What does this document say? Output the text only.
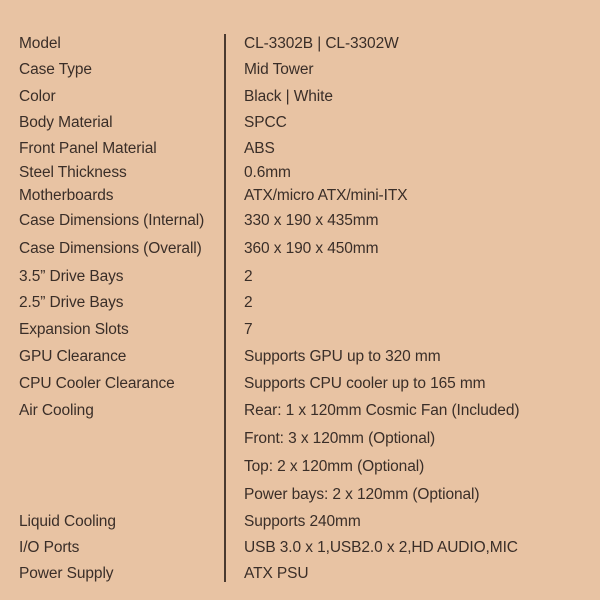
Model	CL-3302B | CL-3302W
Case Type	Mid Tower
Color	Black | White
Body Material	SPCC
Front Panel Material	ABS
Steel Thickness	0.6mm
Motherboards	ATX/micro ATX/mini-ITX
Case Dimensions (Internal)	330 x 190 x 435mm
Case Dimensions (Overall)	360 x 190 x 450mm
3.5” Drive Bays	2
2.5” Drive Bays	2
Expansion Slots	7
GPU Clearance	Supports GPU up to 320 mm
CPU Cooler Clearance	Supports CPU cooler up to 165 mm
Air Cooling	Rear: 1 x 120mm Cosmic Fan (Included)
Front: 3 x 120mm (Optional)
Top: 2 x 120mm (Optional)
Power bays: 2 x 120mm (Optional)
Liquid Cooling	Supports 240mm
I/O Ports	USB 3.0 x 1,USB2.0 x 2,HD AUDIO,MIC
Power Supply	ATX PSU
